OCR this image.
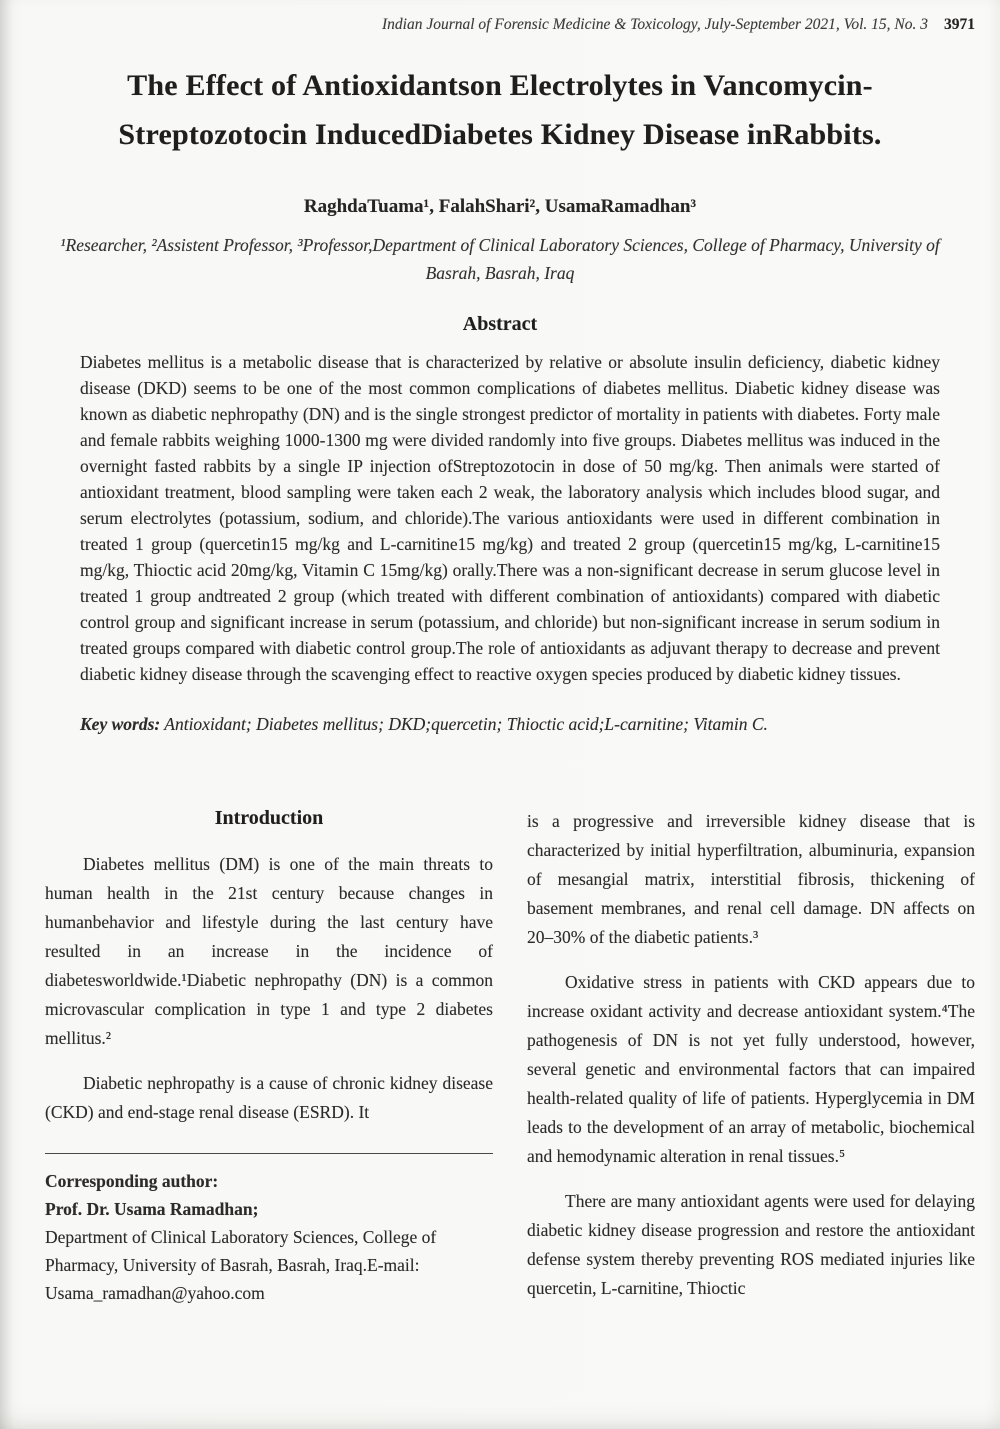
Indian Journal of Forensic Medicine & Toxicology, July-September 2021, Vol. 15, No. 3 3971
The Effect of Antioxidantson Electrolytes in Vancomycin-
Streptozotocin InducedDiabetes Kidney Disease inRabbits.
RaghdaTuama¹, FalahShari², UsamaRamadhan³
¹Researcher, ²Assistent Professor, ³Professor,Department of Clinical Laboratory Sciences, College of Pharmacy, University of Basrah, Basrah, Iraq
Abstract

Diabetes mellitus is a metabolic disease that is characterized by relative or absolute insulin deficiency, diabetic kidney disease (DKD) seems to be one of the most common complications of diabetes mellitus. Diabetic kidney disease was known as diabetic nephropathy (DN) and is the single strongest predictor of mortality in patients with diabetes. Forty male and female rabbits weighing 1000-1300 mg were divided randomly into five groups. Diabetes mellitus was induced in the overnight fasted rabbits by a single IP injection ofStreptozotocin in dose of 50 mg/kg. Then animals were started of antioxidant treatment, blood sampling were taken each 2 weak, the laboratory analysis which includes blood sugar, and serum electrolytes (potassium, sodium, and chloride).The various antioxidants were used in different combination in treated 1 group (quercetin15 mg/kg and L-carnitine15 mg/kg) and treated 2 group (quercetin15 mg/kg, L-carnitine15 mg/kg, Thioctic acid 20mg/kg, Vitamin C 15mg/kg) orally.There was a non-significant decrease in serum glucose level in treated 1 group andtreated 2 group (which treated with different combination of antioxidants) compared with diabetic control group and significant increase in serum (potassium, and chloride) but non-significant increase in serum sodium in treated groups compared with diabetic control group.The role of antioxidants as adjuvant therapy to decrease and prevent diabetic kidney disease through the scavenging effect to reactive oxygen species produced by diabetic kidney tissues.

Key words: Antioxidant; Diabetes mellitus; DKD;quercetin; Thioctic acid;L-carnitine; Vitamin C.

Introduction

Diabetes mellitus (DM) is one of the main threats to human health in the 21st century because changes in humanbehavior and lifestyle during the last century have resulted in an increase in the incidence of diabetesworldwide.¹Diabetic nephropathy (DN) is a common microvascular complication in type 1 and type 2 diabetes mellitus.²

Diabetic nephropathy is a cause of chronic kidney disease (CKD) and end-stage renal disease (ESRD). It

Corresponding author:

Prof. Dr. Usama Ramadhan;

Department of Clinical Laboratory Sciences, College of Pharmacy, University of Basrah, Basrah, Iraq.E-mail: Usama_ramadhan@yahoo.com

is a progressive and irreversible kidney disease that is characterized by initial hyperfiltration, albuminuria, expansion of mesangial matrix, interstitial fibrosis, thickening of basement membranes, and renal cell damage. DN affects on 20–30% of the diabetic patients.³

Oxidative stress in patients with CKD appears due to increase oxidant activity and decrease antioxidant system.⁴The pathogenesis of DN is not yet fully understood, however, several genetic and environmental factors that can impaired health-related quality of life of patients. Hyperglycemia in DM leads to the development of an array of metabolic, biochemical and hemodynamic alteration in renal tissues.⁵

There are many antioxidant agents were used for delaying diabetic kidney disease progression and restore the antioxidant defense system thereby preventing ROS mediated injuries like quercetin, L-carnitine, Thioctic
